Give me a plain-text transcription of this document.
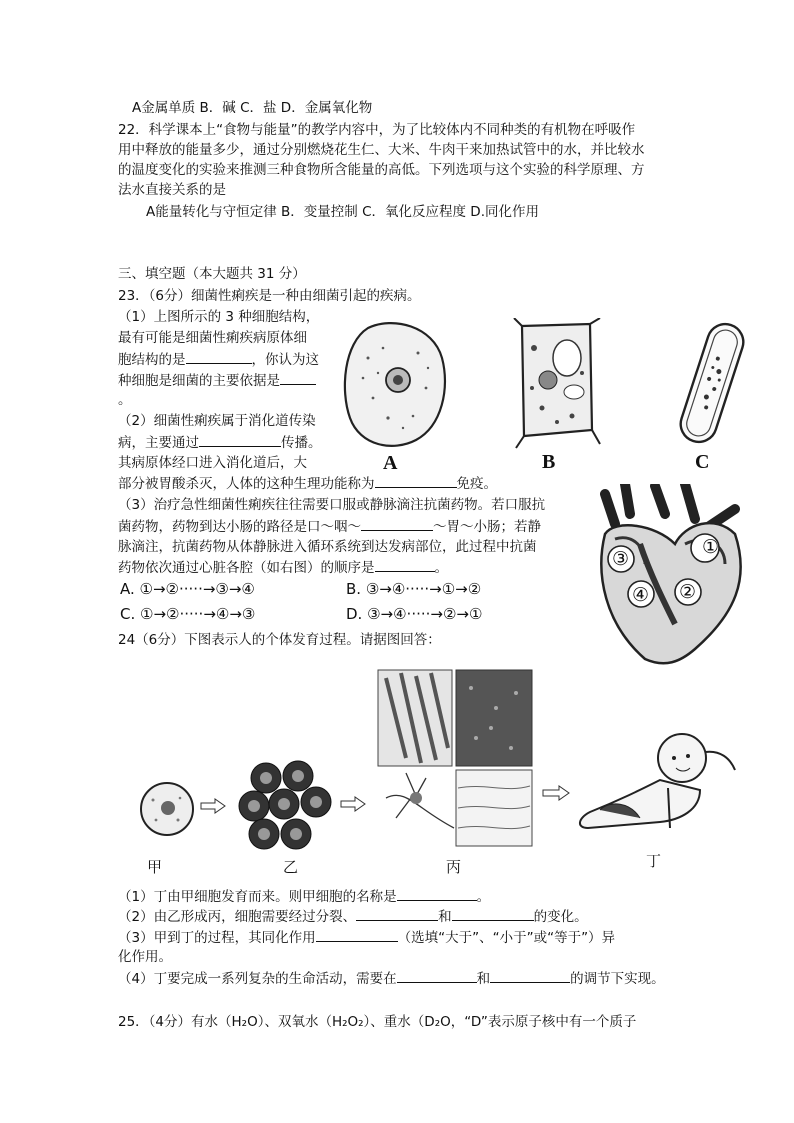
A金属单质 B．碱 C．盐 D．金属氧化物
22．科学课本上“食物与能量”的教学内容中，为了比较体内不同种类的有机物在呼吸作
用中释放的能量多少，通过分别燃烧花生仁、大米、牛肉干来加热试管中的水，并比较水
的温度变化的实验来推测三种食物所含能量的高低。下列选项与这个实验的科学原理、方
法水直接关系的是
A能量转化与守恒定律 B．变量控制 C．氧化反应程度 D.同化作用
三、填空题（本大题共 31 分）
23．（6分）细菌性痢疾是一种由细菌引起的疾病。
（1）上图所示的 3 种细胞结构，
最有可能是细菌性痢疾病原体细
胞结构的是	，你认为这
种细胞是细菌的主要依据是
。
（2）细菌性痢疾属于消化道传染
病，主要通过	传播。
其病原体经口进入消化道后，大
部分被胃酸杀灭，人体的这种生理功能称为	免疫。
（3）治疗急性细菌性痢疾往往需要口服或静脉滴注抗菌药物。若口服抗
菌药物，药物到达小肠的路径是口～咽～	～胃～小肠；若静
脉滴注，抗菌药物从体静脉进入循环系统到达发病部位，此过程中抗菌
药物依次通过心脏各腔（如右图）的顺序是	。
A. ①→②·····→③→④	B. ③→④·····→①→②
C. ①→②·····→④→③	D. ③→④·····→②→①
A	B	C
①
②
③
④
24（6分）下图表示人的个体发育过程。请据图回答：
甲	乙	丙	丁
（1）丁由甲细胞发育而来。则甲细胞的名称是	。
（2）由乙形成丙，细胞需要经过分裂、	和	的变化。
（3）甲到丁的过程，其同化作用	（选填“大于”、“小于”或“等于”）异
化作用。
（4）丁要完成一系列复杂的生命活动，需要在	和	的调节下实现。
25．（4分）有水（H₂O）、双氧水（H₂O₂）、重水（D₂O，“D”表示原子核中有一个质子
